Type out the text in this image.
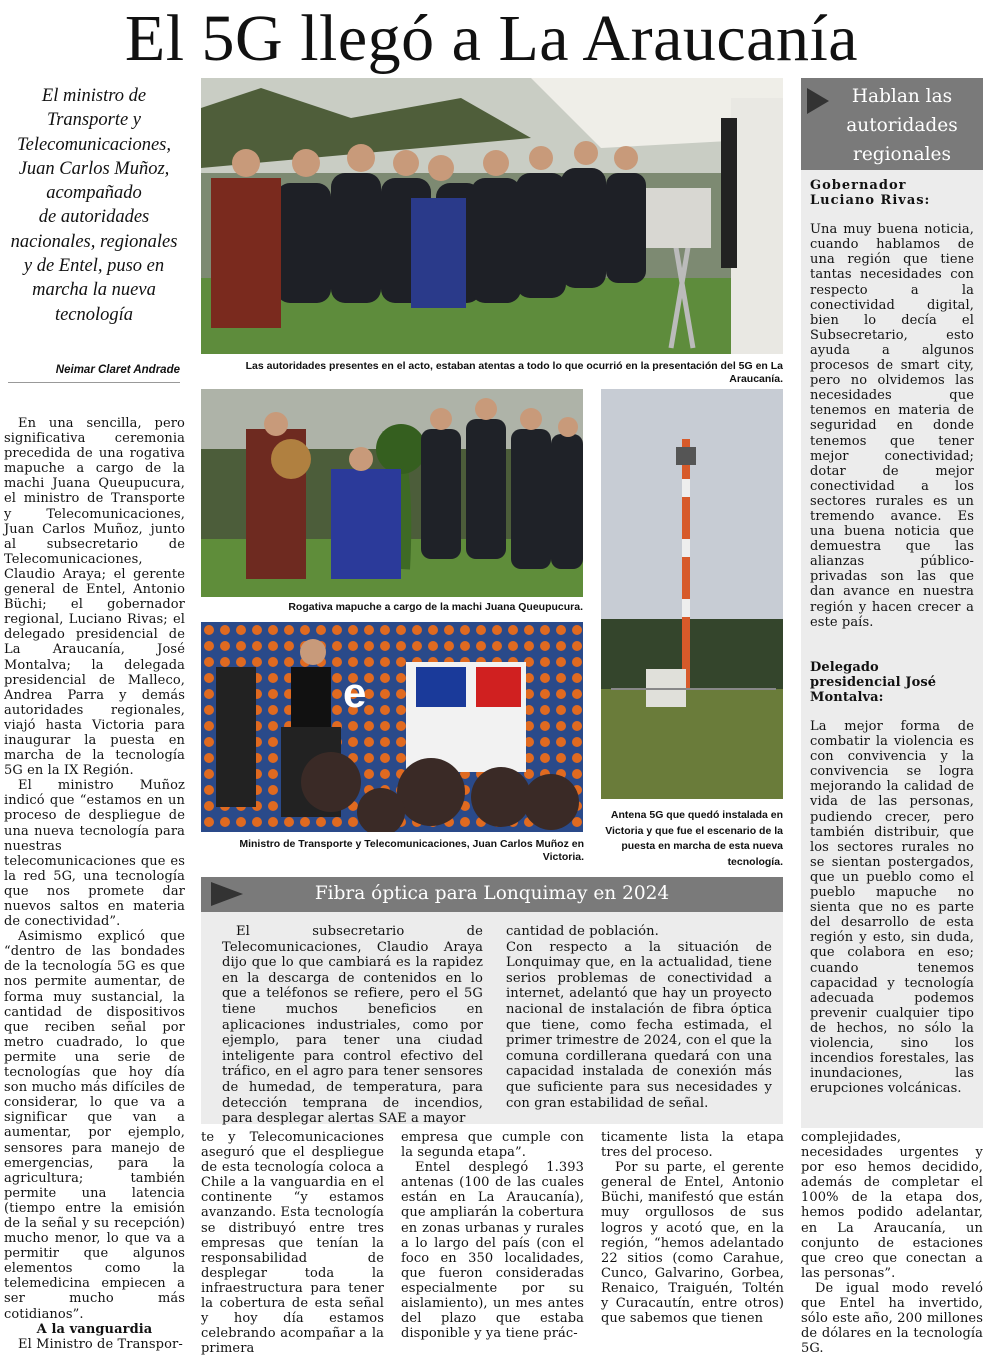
El 5G llegó a La Araucanía
El ministro de
Transporte y
Telecomunicaciones,
Juan Carlos Muñoz,
acompañado
de autoridades
nacionales, regionales
y de Entel, puso en
marcha la nueva
tecnología
Neimar Claret Andrade	Las autoridades presentes en el acto, estaban atentas a todo lo que ocurrió en la presentación del 5G en La Araucanía.
Rogativa mapuche a cargo de la machi Juana Queupucura.
e
Ministro de Transporte y Telecomunicaciones, Juan Carlos Muñoz en Victoria.
Antena 5G que quedó instalada en Victoria y que fue el escenario de la puesta en marcha de esta nueva tecnología.

En una sencilla, pero significativa ceremonia precedida de una rogativa mapuche a cargo de la machi Juana Queupucura, el ministro de Transporte y Telecomunicaciones, Juan Carlos Muñoz, junto al subsecretario de Telecomunicaciones, Claudio Araya; el gerente general de Entel, Antonio Büchi; el gobernador regional, Luciano Rivas; el delegado presidencial de La Araucanía, José Montalva; la delegada presidencial de Malleco, Andrea Parra y demás autoridades regionales, viajó hasta Victoria para inaugurar la puesta en marcha de la tecnología 5G en la IX Región.

El ministro Muñoz indicó que “estamos en un proceso de despliegue de una nueva tecnología para nuestras telecomunicaciones que es la red 5G, una tecnología que nos promete dar nuevos saltos en materia de conectividad”.

Asimismo explicó que “dentro de las bondades de la tecnología 5G es que nos permite aumentar, de forma muy sustancial, la cantidad de dispositivos que reciben señal por metro cuadrado, lo que permite una serie de tecnologías que hoy día son mucho más difíciles de considerar, lo que va a significar que van a aumentar, por ejemplo, sensores para manejo de emergencias, para la agricultura; también permite una latencia (tiempo entre la emisión de la señal y su recepción) mucho menor, lo que va a permitir que algunos elementos como la telemedicina empiecen a ser mucho más cotidianos”.

A la vanguardia

El Ministro de Transpor-

Fibra óptica para Lonquimay en 2024

El subsecretario de Telecomunicaciones, Claudio Araya dijo que lo que cambiará es la rapidez en la descarga de contenidos en lo que a teléfonos se refiere, pero el 5G tiene muchos beneficios en aplicaciones industriales, como por ejemplo, para tener una ciudad inteligente para control efectivo del tráfico, en el agro para tener sensores de humedad, de temperatura, para detección temprana de incendios, para desplegar alertas SAE a mayor

cantidad de población.

Con respecto a la situación de Lonquimay que, en la actualidad, tiene serios problemas de conectividad a internet, adelantó que hay un proyecto nacional de instalación de fibra óptica que tiene, como fecha estimada, el primer trimestre de 2024, con el que la comuna cordillerana quedará con una capacidad instalada de conexión más que suficiente para sus necesidades y con gran estabilidad de señal.

te y Telecomunicaciones aseguró que el despliegue de esta tecnología coloca a Chile a la vanguardia en el continente “y estamos avanzando. Esta tecnología se distribuyó entre tres empresas que tenían la responsabilidad de desplegar toda la infraestructura para tener la cobertura de esta señal y hoy día estamos celebrando acompañar a la primera

empresa que cumple con la segunda etapa”.

Entel desplegó 1.393 antenas (100 de las cuales están en La Araucanía), que ampliarán la cobertura en zonas urbanas y rurales a lo largo del país (con el foco en 350 localidades, que fueron consideradas especialmente por su aislamiento), un mes antes del plazo que estaba disponible y ya tiene prác-

ticamente lista la etapa tres del proceso.

Por su parte, el gerente general de Entel, Antonio Büchi, manifestó que están muy orgullosos de sus logros y acotó que, en la región, “hemos adelantado 22 sitios (como Carahue, Cunco, Galvarino, Gorbea, Renaico, Traiguén, Toltén y Curacautín, entre otros) que sabemos que tienen

complejidades, necesidades urgentes y por eso hemos decidido, además de completar el 100% de la etapa dos, hemos podido adelantar, en La Araucanía, un conjunto de estaciones que creo que conectan a las personas”.

De igual modo reveló que Entel ha invertido, sólo este año, 200 millones de dólares en la tecnología 5G.

Hablan las
autoridades
regionales

Gobernador Luciano Rivas:

Una muy buena noticia, cuando hablamos de una región que tiene tantas necesidades con respecto a la conectividad digital, bien lo decía el Subsecretario, esto ayuda a algunos procesos de smart city, pero no olvidemos las necesidades que tenemos en materia de seguridad en donde tenemos que tener mejor conectividad; dotar de mejor conectividad a los sectores rurales es un tremendo avance. Es una buena noticia que demuestra que las alianzas público-privadas son las que dan avance en nuestra región y hacen crecer a este país.

Delegado presidencial José Montalva:

La mejor forma de combatir la violencia es con convivencia y la convivencia se logra mejorando la calidad de vida de las personas, pudiendo crecer, pero también distribuir, que los sectores rurales no se sientan postergados, que un pueblo como el pueblo mapuche no sienta que no es parte del desarrollo de esta región y esto, sin duda, que colabora en eso; cuando tenemos capacidad y tecnología adecuada podemos prevenir cualquier tipo de hechos, no sólo la violencia, sino los incendios forestales, las inundaciones, las erupciones volcánicas.
